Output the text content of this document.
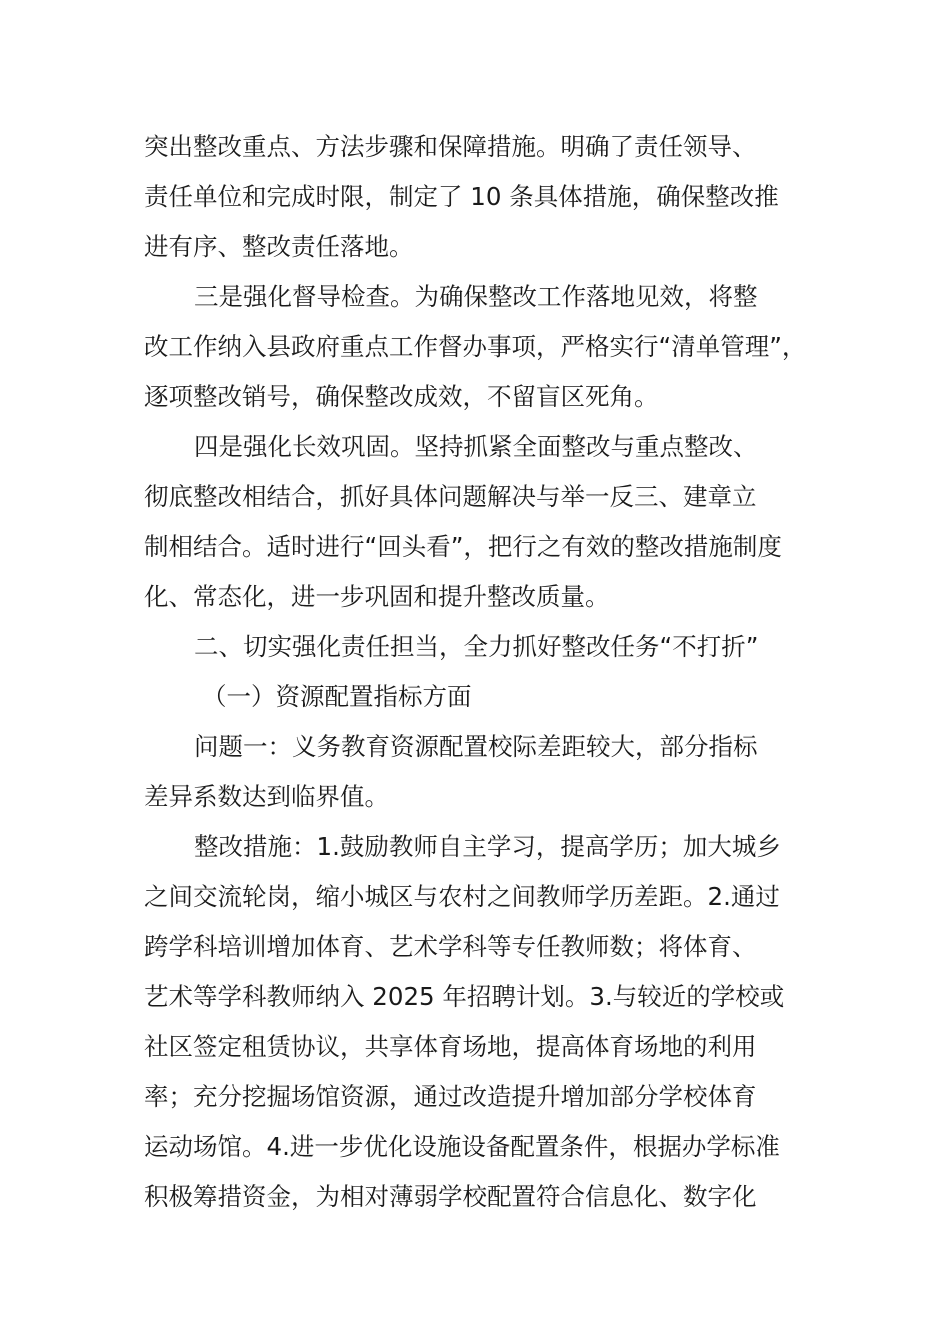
突出整改重点、方法步骤和保障措施。明确了责任领导、
责任单位和完成时限，制定了 10 条具体措施，确保整改推
进有序、整改责任落地。
三是强化督导检查。为确保整改工作落地见效，将整
改工作纳入县政府重点工作督办事项，严格实行“清单管理”，
逐项整改销号，确保整改成效，不留盲区死角。
四是强化长效巩固。坚持抓紧全面整改与重点整改、
彻底整改相结合，抓好具体问题解决与举一反三、建章立
制相结合。适时进行“回头看”，把行之有效的整改措施制度
化、常态化，进一步巩固和提升整改质量。
二、切实强化责任担当，全力抓好整改任务“不打折”
（一）资源配置指标方面
问题一：义务教育资源配置校际差距较大，部分指标
差异系数达到临界值。
整改措施：1.鼓励教师自主学习，提高学历；加大城乡
之间交流轮岗，缩小城区与农村之间教师学历差距。2.通过
跨学科培训增加体育、艺术学科等专任教师数；将体育、
艺术等学科教师纳入 2025 年招聘计划。3.与较近的学校或
社区签定租赁协议，共享体育场地，提高体育场地的利用
率；充分挖掘场馆资源，通过改造提升增加部分学校体育
运动场馆。4.进一步优化设施设备配置条件，根据办学标准
积极筹措资金，为相对薄弱学校配置符合信息化、数字化
